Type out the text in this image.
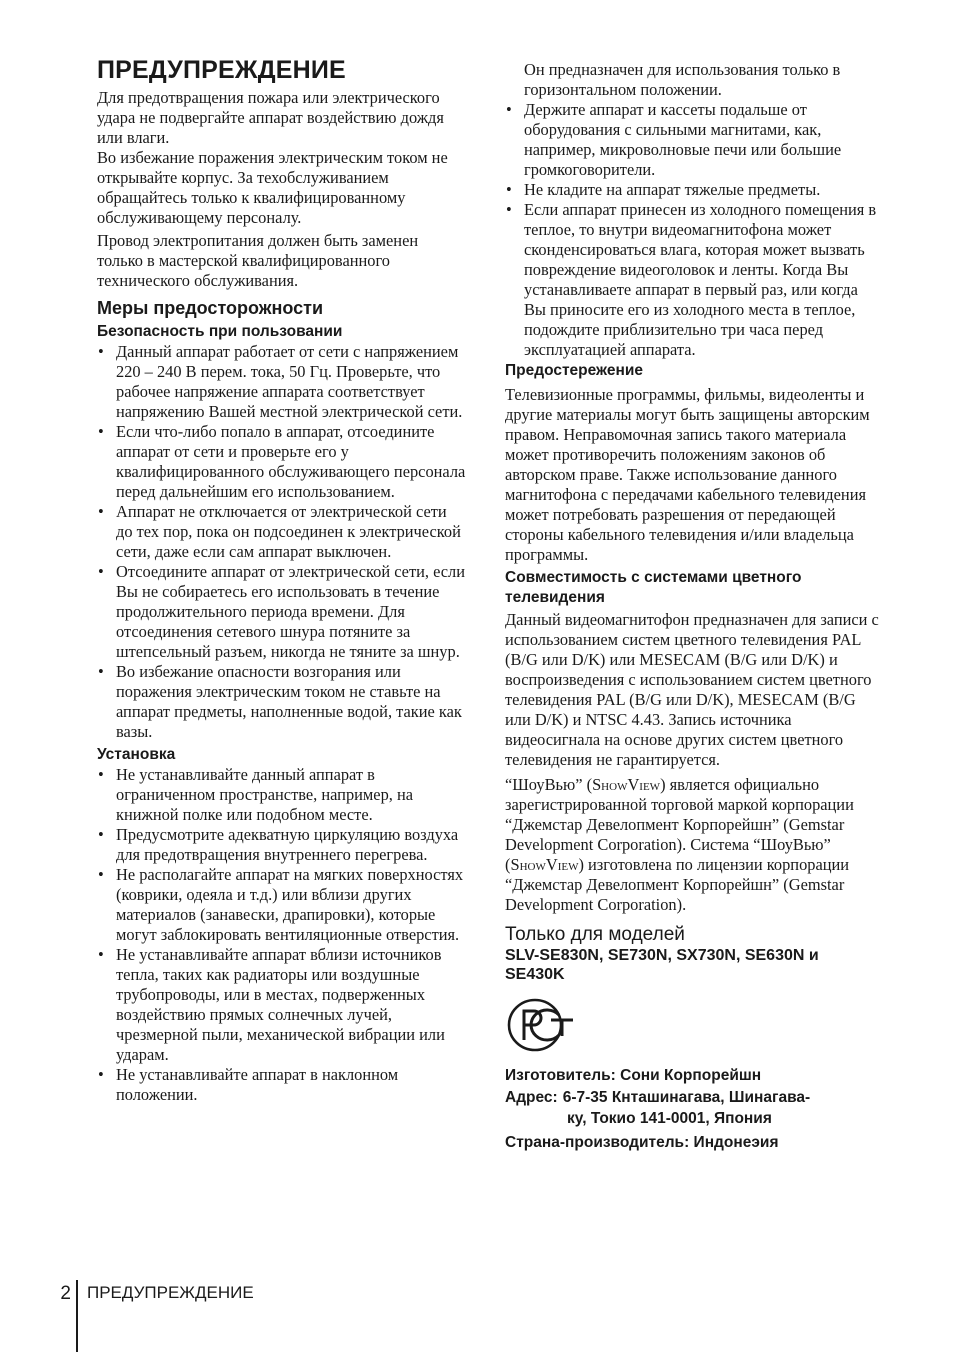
ПРЕДУПРЕЖДЕНИЕ

Для предотвращения пожара или электрического удара не подвергайте аппарат воздействию дождя или влаги.

Во избежание поражения электрическим током не открывайте корпус. За техобслуживанием обращайтесь только к квалифицированному обслуживающему персоналу.

Провод электропитания должен быть заменен только в мастерской квалифицированного технического обслуживания.

Меры предосторожности
Безопасность при пользовании
• Данный аппарат работает от сети с напряжением 220 – 240 В перем. тока, 50 Гц. Проверьте, что рабочее напряжение аппарата соответствует напряжению Вашей местной электрической сети.
• Если что-либо попало в аппарат, отсоедините аппарат от сети и проверьте его у квалифицированного обслуживающего персонала перед дальнейшим его использованием.
• Аппарат не отключается от электрической сети до тех пор, пока он подсоединен к электрической сети, даже если сам аппарат выключен.
• Отсоедините аппарат от электрической сети, если Вы не собираетесь его использовать в течение продолжительного периода времени. Для отсоединения сетевого шнура потяните за штепсельный разъем, никогда не тяните за шнур.
• Во избежание опасности возгорания или поражения электрическим током не ставьте на аппарат предметы, наполненные водой, такие как вазы.
Установка
• Не устанавливайте данный аппарат в ограниченном пространстве, например, на книжной полке или подобном месте.
• Предусмотрите адекватную циркуляцию воздуха для предотвращения внутреннего перегрева.
• Не располагайте аппарат на мягких поверхностях (коврики, одеяла и т.д.) или вблизи других материалов (занавески, драпировки), которые могут заблокировать вентиляционные отверстия.
• Не устанавливайте аппарат вблизи источников тепла, таких как радиаторы или воздушные трубопроводы, или в местах, подверженных воздействию прямых солнечных лучей, чрезмерной пыли, механической вибрации или ударам.
• Не устанавливайте аппарат в наклонном положении.

Он предназначен для использования только в горизонтальном положении.

• Держите аппарат и кассеты подальше от оборудования с сильными магнитами, как, например, микроволновые печи или большие громкоговорители.
• Не кладите на аппарат тяжелые предметы.
• Если аппарат принесен из холодного помещения в теплое, то внутри видеомагнитофона может сконденсироваться влага, которая может вызвать повреждение видеоголовок и ленты. Когда Вы устанавливаете аппарат в первый раз, или когда Вы приносите его из холодного места в теплое, подождите приблизительно три часа перед эксплуатацией аппарата.
Предостережение

Телевизионные программы, фильмы, видеоленты и другие материалы могут быть защищены авторским правом. Неправомочная запись такого материала может противоречить положениям законов об авторском праве. Также использование данного магнитофона с передачами кабельного телевидения может потребовать разрешения от передающей стороны кабельного телевидения и/или владельца программы.

Совместимость с системами цветного телевидения

Данный видеомагнитофон предназначен для записи с использованием систем цветного телевидения PAL (B/G или D/K) или MESECAM (B/G или D/K) и воспроизведения с использованием систем цветного телевидения PAL (B/G или D/K), MESECAM (B/G или D/K) и NTSC 4.43. Запись источника видеосигнала на основе других систем цветного телевидения не гарантируется.

“ШоуВью” (ShowView) является официально зарегистрированной торговой маркой корпорации “Джемстар Девелопмент Корпорейшн” (Gemstar Development Corporation). Система “ШоуВью” (ShowView) изготовлена по лицензии корпорации “Джемстар Девелопмент Корпорейшн” (Gemstar Development Corporation).

Только для моделей

SLV-SE830N, SE730N, SX730N, SE630N и SE430K

Изготовитель: Сони Корпорейшн

Адрес: 6-7-35 Кнташинагава, Шинагава-

ку, Токио 141-0001, Япония

Страна-производитель: Индонеэия

2 ПРЕДУПРЕЖДЕНИЕ
